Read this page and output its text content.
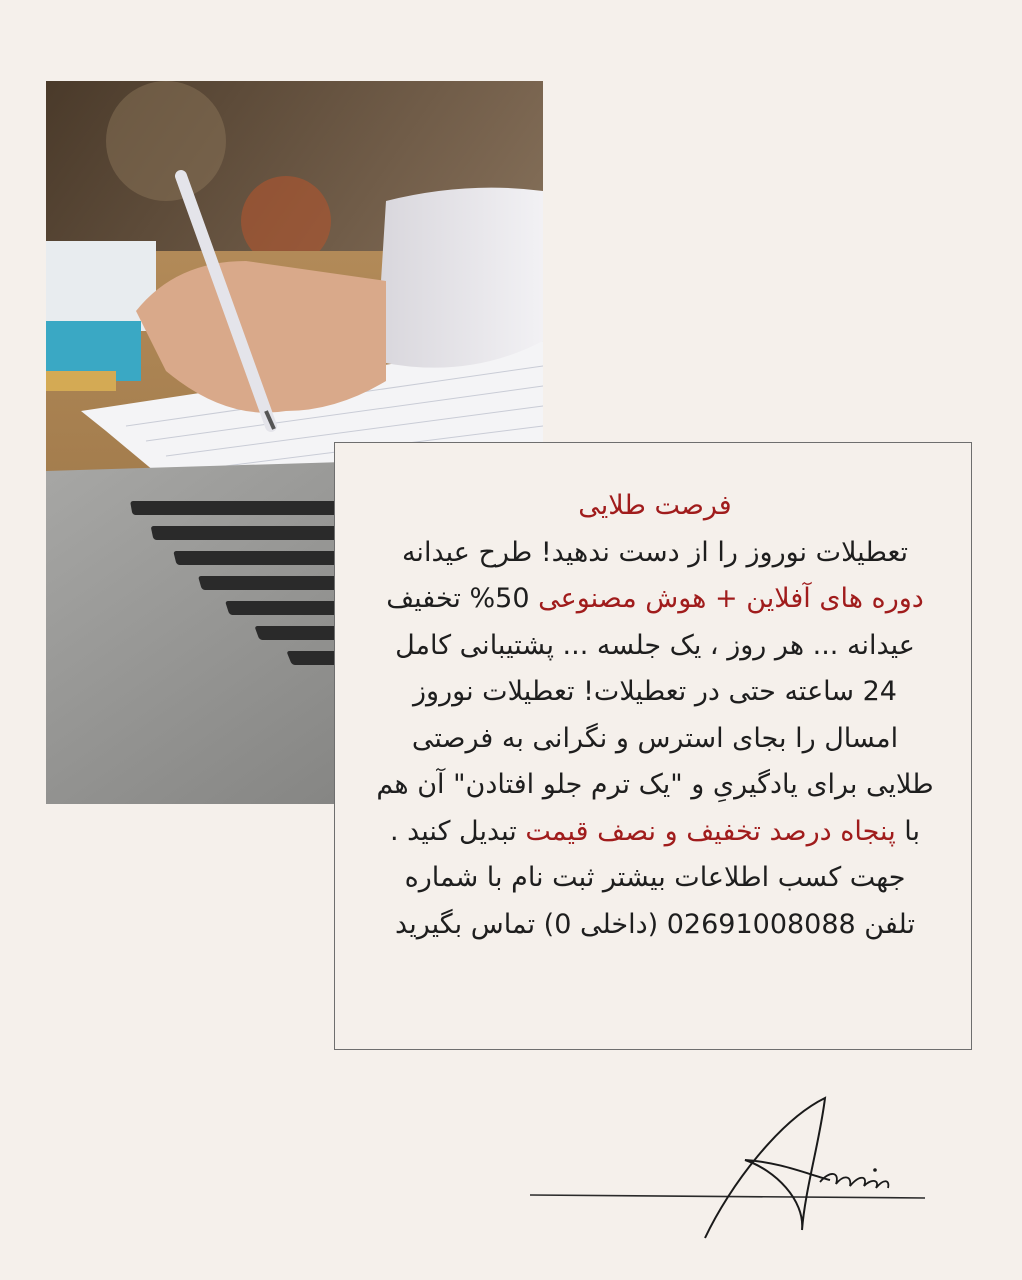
فرصت طلایی
تعطیلات نوروز را از دست ندهید! طرح عیدانه دوره های آفلاین + هوش مصنوعی 50% تخفیف عیدانه ... هر روز ، یک جلسه ... پشتیبانی کامل 24 ساعته حتی در تعطیلات! تعطیلات نوروز امسال را بجای استرس و نگرانی به فرصتی طلایی برای یادگیریِ و "یک ترم جلو افتادن" آن هم با پنجاه درصد تخفیف و نصف قیمت تبدیل کنید . جهت کسب اطلاعات بیشتر ثبت نام با شماره تلفن 02691008088 (داخلی 0) تماس بگیرید
